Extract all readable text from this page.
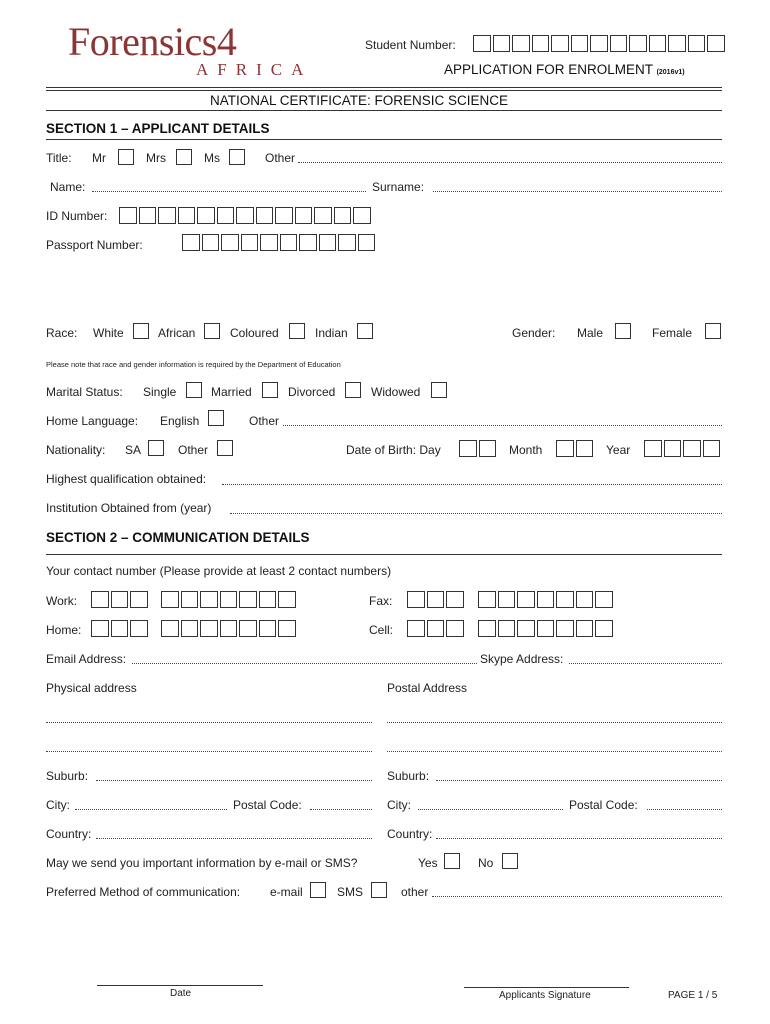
Forensics4
AFRICA
Student Number:
APPLICATION FOR ENROLMENT (2016v1)
NATIONAL CERTIFICATE: FORENSIC SCIENCE
SECTION 1 – APPLICANT DETAILS
Title: Mr	Mrs	Ms	Other
Name:	Surname:
ID Number:
Passport Number:
Race: White	African	Coloured	Indian	Gender: Male	Female
Please note that race and gender information is required by the Department of Education
Marital Status: Single	Married	Divorced	Widowed
Home Language: English	Other
Nationality: SA	Other	Date of Birth: Day	Month	Year
Highest qualification obtained:
Institution Obtained from (year)
SECTION 2 – COMMUNICATION DETAILS
Your contact number (Please provide at least 2 contact numbers)
Work:	Fax:
Home:	Cell:
Email Address:	Skype Address:
Physical address	Postal Address
Suburb:	Suburb:
City:	Postal Code:	City:	Postal Code:
Country:	Country:
May we send you important information by e-mail or SMS?	Yes	No
Preferred Method of communication: e-mail	SMS	other
Date	Applicants Signature	PAGE 1 / 5
